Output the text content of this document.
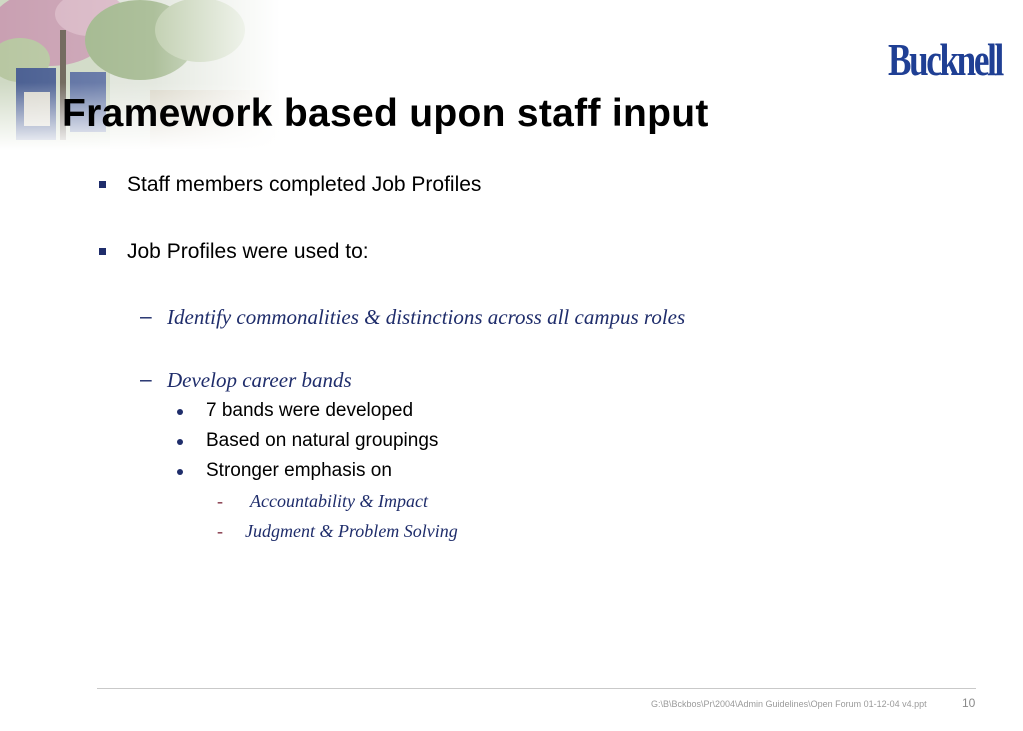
Bucknell
Framework based upon staff input
Staff members completed Job Profiles
Job Profiles were used to:
– Identify commonalities & distinctions across all campus roles
– Develop career bands
7 bands were developed
Based on natural groupings
Stronger emphasis on
- Accountability & Impact
- Judgment & Problem Solving
G:\B\Bckbos\Pr\2004\Admin Guidelines\Open Forum 01-12-04 v4.ppt	10
